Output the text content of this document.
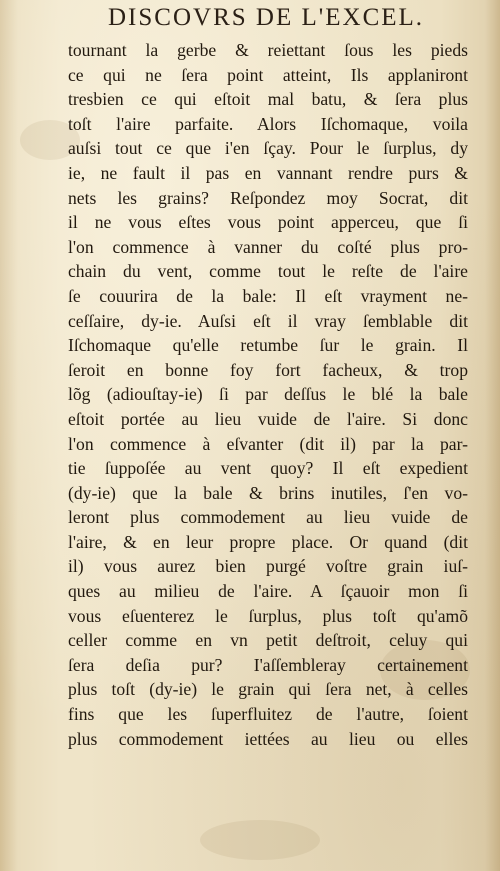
DISCOVRS DE L'EXCEL.
tournant la gerbe & reiettant ſous les pieds
ce qui ne ſera point atteint, Ils applaniront
tresbien ce qui eſtoit mal batu, & ſera plus
toſt l'aire parfaite. Alors Iſchomaque, voila
auſsi tout ce que i'en ſçay. Pour le ſurplus, dy
ie, ne fault il pas en vannant rendre purs &
nets les grains? Reſpondez moy Socrat, dit
il ne vous eſtes vous point apperceu, que ſi
l'on commence à vanner du coſté plus pro-
chain du vent, comme tout le reſte de l'aire
ſe couurira de la bale: Il eſt vrayment ne-
ceſſaire, dy-ie. Auſsi eſt il vray ſemblable dit
Iſchomaque qu'elle retumbe ſur le grain. Il
ſeroit en bonne foy fort facheux, & trop
lõg (adiouſtay-ie) ſi par deſſus le blé la bale
eſtoit portée au lieu vuide de l'aire. Si donc
l'on commence à eſvanter (dit il) par la par-
tie ſuppoſée au vent quoy? Il eſt expedient
(dy-ie) que la bale & brins inutiles, ſ'en vo-
leront plus commodement au lieu vuide de
l'aire, & en leur propre place. Or quand (dit
il) vous aurez bien purgé voſtre grain iuſ-
ques au milieu de l'aire. A ſçauoir mon ſi
vous eſuenterez le ſurplus, plus toſt qu'amõ
celler comme en vn petit deſtroit, celuy qui
ſera deſia pur? I'aſſembleray certainement
plus toſt (dy-ie) le grain qui ſera net, à celles
fins que les ſuperfluitez de l'autre, ſoient
plus commodement iettées au lieu ou elles
